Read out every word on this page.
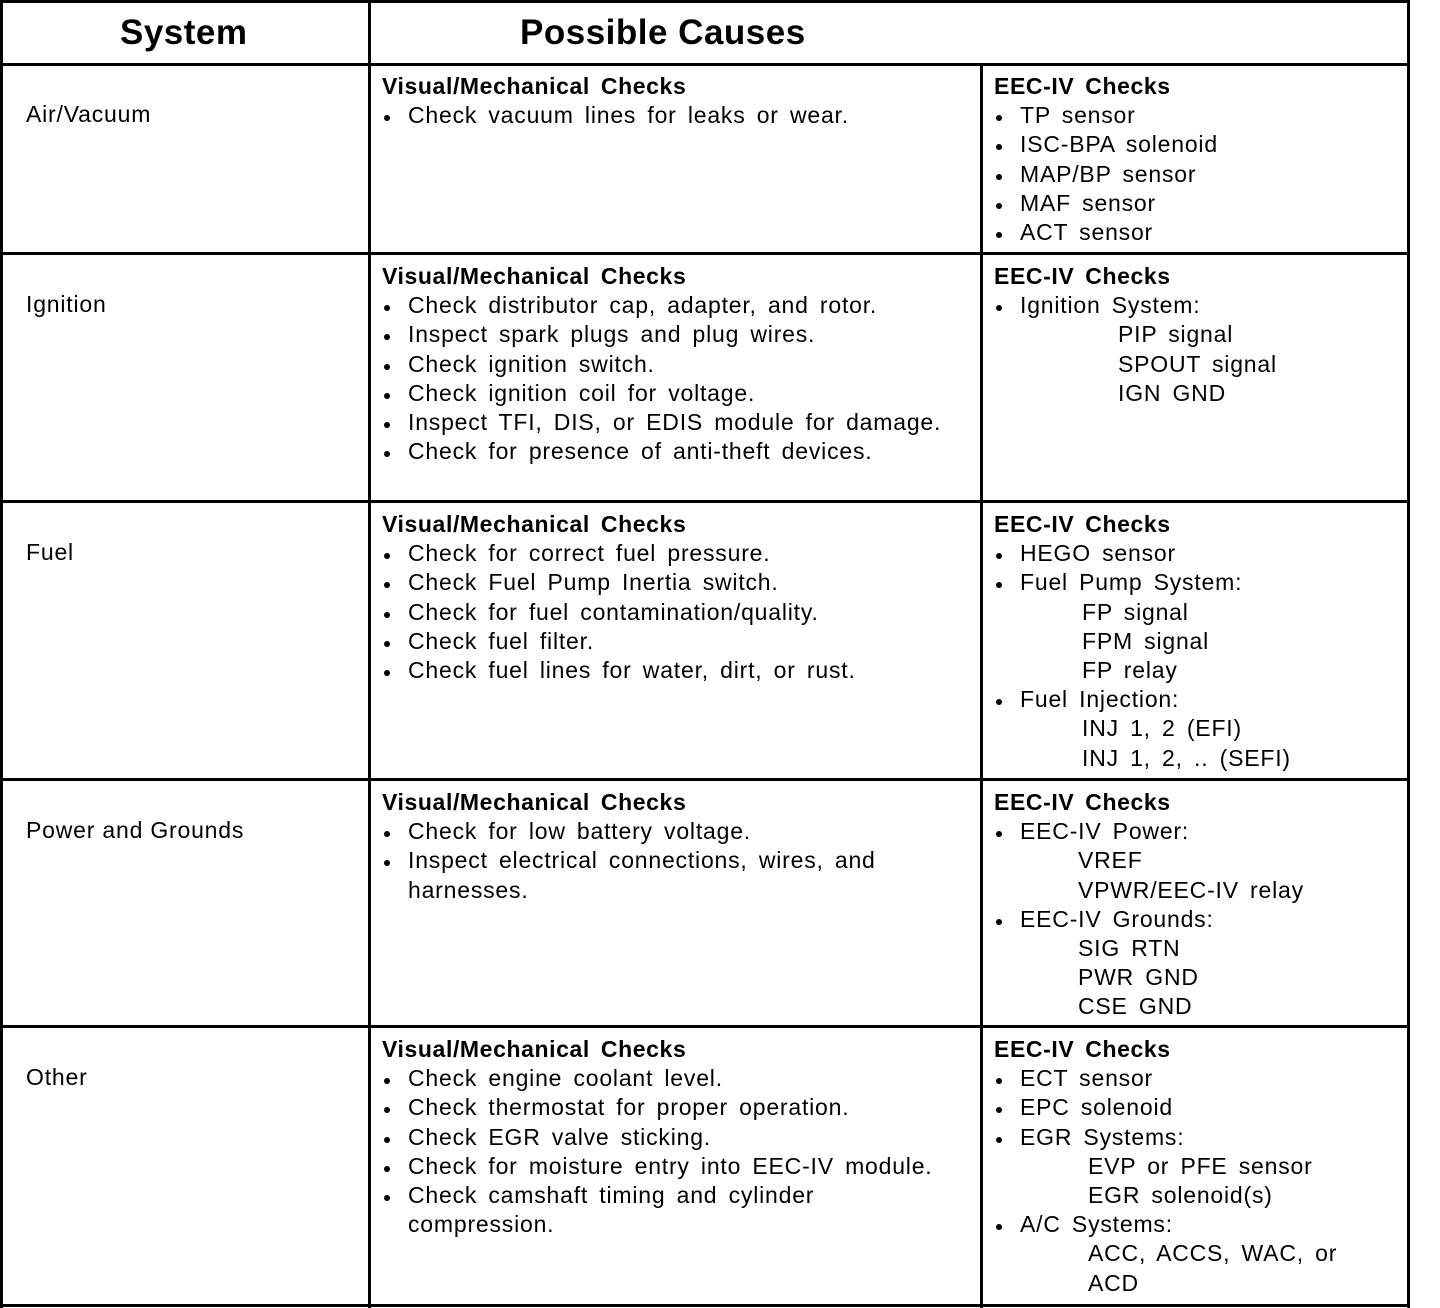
System	Possible Causes
Air/Vacuum
Visual/Mechanical Checks
Check vacuum lines for leaks or wear.
EEC-IV Checks
TP sensor
ISC-BPA solenoid
MAP/BP sensor
MAF sensor
ACT sensor
Ignition
Visual/Mechanical Checks
Check distributor cap, adapter, and rotor.
Inspect spark plugs and plug wires.
Check ignition switch.
Check ignition coil for voltage.
Inspect TFI, DIS, or EDIS module for damage.
Check for presence of anti-theft devices.
EEC-IV Checks
Ignition System:
PIP signal
SPOUT signal
IGN GND
Fuel
Visual/Mechanical Checks
Check for correct fuel pressure.
Check Fuel Pump Inertia switch.
Check for fuel contamination/quality.
Check fuel filter.
Check fuel lines for water, dirt, or rust.
EEC-IV Checks
HEGO sensor
Fuel Pump System:
FP signal
FPM signal
FP relay
Fuel Injection:
INJ 1, 2 (EFI)
INJ 1, 2, .. (SEFI)
Power and Grounds
Visual/Mechanical Checks
Check for low battery voltage.
Inspect electrical connections, wires, and harnesses.
EEC-IV Checks
EEC-IV Power:
VREF
VPWR/EEC-IV relay
EEC-IV Grounds:
SIG RTN
PWR GND
CSE GND
Other
Visual/Mechanical Checks
Check engine coolant level.
Check thermostat for proper operation.
Check EGR valve sticking.
Check for moisture entry into EEC-IV module.
Check camshaft timing and cylinder compression.
EEC-IV Checks
ECT sensor
EPC solenoid
EGR Systems:
EVP or PFE sensor
EGR solenoid(s)
A/C Systems:
ACC, ACCS, WAC, or
ACD
